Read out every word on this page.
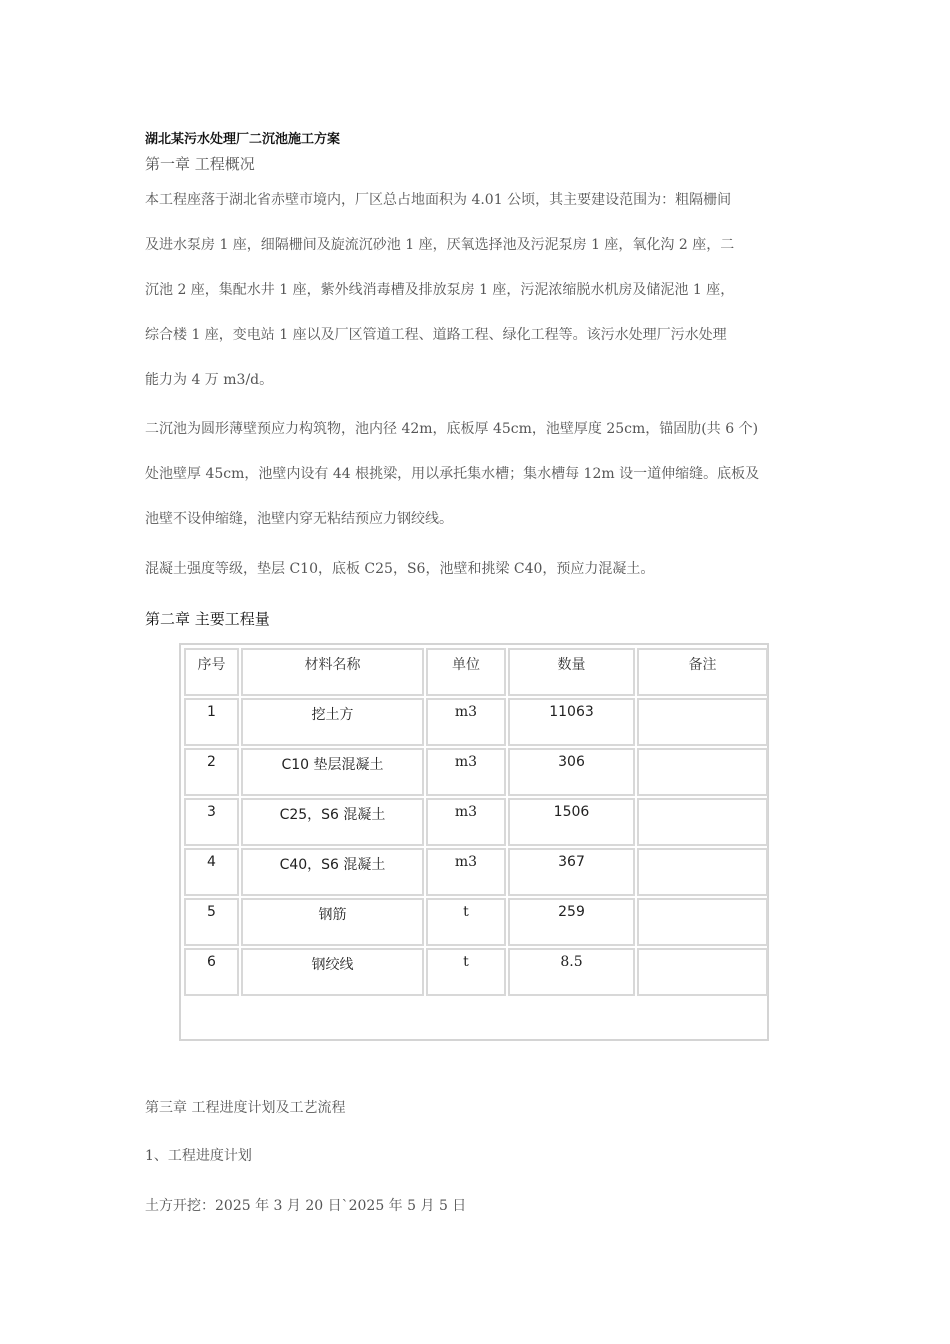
湖北某污水处理厂二沉池施工方案
第一章 工程概况
本工程座落于湖北省赤壁市境内，厂区总占地面积为 4.01 公顷，其主要建设范围为：粗隔栅间
及进水泵房 1 座，细隔栅间及旋流沉砂池 1 座，厌氧选择池及污泥泵房 1 座，氧化沟 2 座，二
沉池 2 座，集配水井 1 座，紫外线消毒槽及排放泵房 1 座，污泥浓缩脱水机房及储泥池 1 座，
综合楼 1 座，变电站 1 座以及厂区管道工程、道路工程、绿化工程等。该污水处理厂污水处理
能力为 4 万 m3/d。
二沉池为圆形薄壁预应力构筑物，池内径 42m，底板厚 45cm，池壁厚度 25cm，锚固肋(共 6 个)
处池壁厚 45cm，池壁内设有 44 根挑梁，用以承托集水槽；集水槽每 12m 设一道伸缩缝。底板及
池壁不设伸缩缝，池壁内穿无粘结预应力钢绞线。
混凝土强度等级，垫层 C10，底板 C25，S6，池壁和挑梁 C40，预应力混凝土。
第二章 主要工程量
序号	材料名称	单位	数量	备注
1	挖土方	m3	11063	
2	C10 垫层混凝土	m3	306	
3	C25，S6 混凝土	m3	1506	
4	C40，S6 混凝土	m3	367	
5	钢筋	t	259	
6	钢绞线	t	8.5	
第三章 工程进度计划及工艺流程
1、工程进度计划
土方开挖：2025 年 3 月 20 日`2025 年 5 月 5 日
